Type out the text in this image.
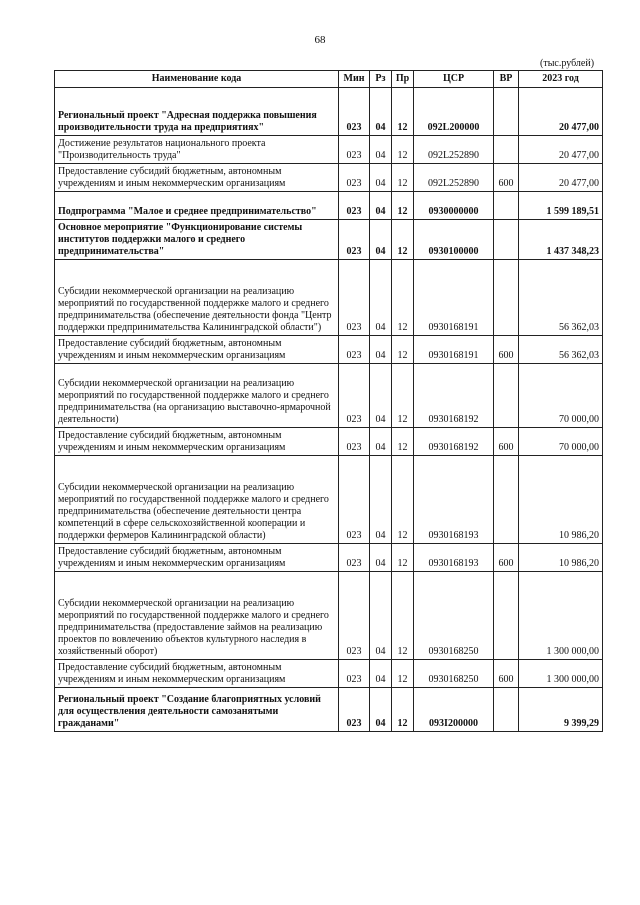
68
(тыс.рублей)
Наименование кода	Мин	Рз	Пр	ЦСР	ВР	2023 год
Региональный проект "Адресная поддержка повышения производительности труда на предприятиях"	023	04	12	092L200000		20 477,00
Достижение результатов национального проекта "Производительность труда"	023	04	12	092L252890		20 477,00
Предоставление субсидий бюджетным, автономным учреждениям и иным некоммерческим организациям	023	04	12	092L252890	600	20 477,00
Подпрограмма "Малое и среднее предпринимательство"	023	04	12	0930000000		1 599 189,51
Основное мероприятие "Функционирование системы институтов поддержки малого и среднего предпринимательства"	023	04	12	0930100000		1 437 348,23
Субсидии некоммерческой организации на реализацию мероприятий по государственной поддержке малого и среднего предпринимательства (обеспечение деятельности фонда "Центр поддержки предпринимательства Калининградской области")	023	04	12	0930168191		56 362,03
Предоставление субсидий бюджетным, автономным учреждениям и иным некоммерческим организациям	023	04	12	0930168191	600	56 362,03
Субсидии некоммерческой организации на реализацию мероприятий по государственной поддержке малого и среднего предпринимательства (на организацию выставочно-ярмарочной деятельности)	023	04	12	0930168192		70 000,00
Предоставление субсидий бюджетным, автономным учреждениям и иным некоммерческим организациям	023	04	12	0930168192	600	70 000,00
Субсидии некоммерческой организации на реализацию мероприятий по государственной поддержке малого и среднего предпринимательства (обеспечение деятельности центра компетенций в сфере сельскохозяйственной кооперации и поддержки фермеров Калининградской области)	023	04	12	0930168193		10 986,20
Предоставление субсидий бюджетным, автономным учреждениям и иным некоммерческим организациям	023	04	12	0930168193	600	10 986,20
Субсидии некоммерческой организации на реализацию мероприятий по государственной поддержке малого и среднего предпринимательства (предоставление займов на реализацию проектов по вовлечению объектов культурного наследия в хозяйственный оборот)	023	04	12	0930168250		1 300 000,00
Предоставление субсидий бюджетным, автономным учреждениям и иным некоммерческим организациям	023	04	12	0930168250	600	1 300 000,00
Региональный проект "Создание благоприятных условий для осуществления деятельности самозанятыми гражданами"	023	04	12	093I200000		9 399,29
